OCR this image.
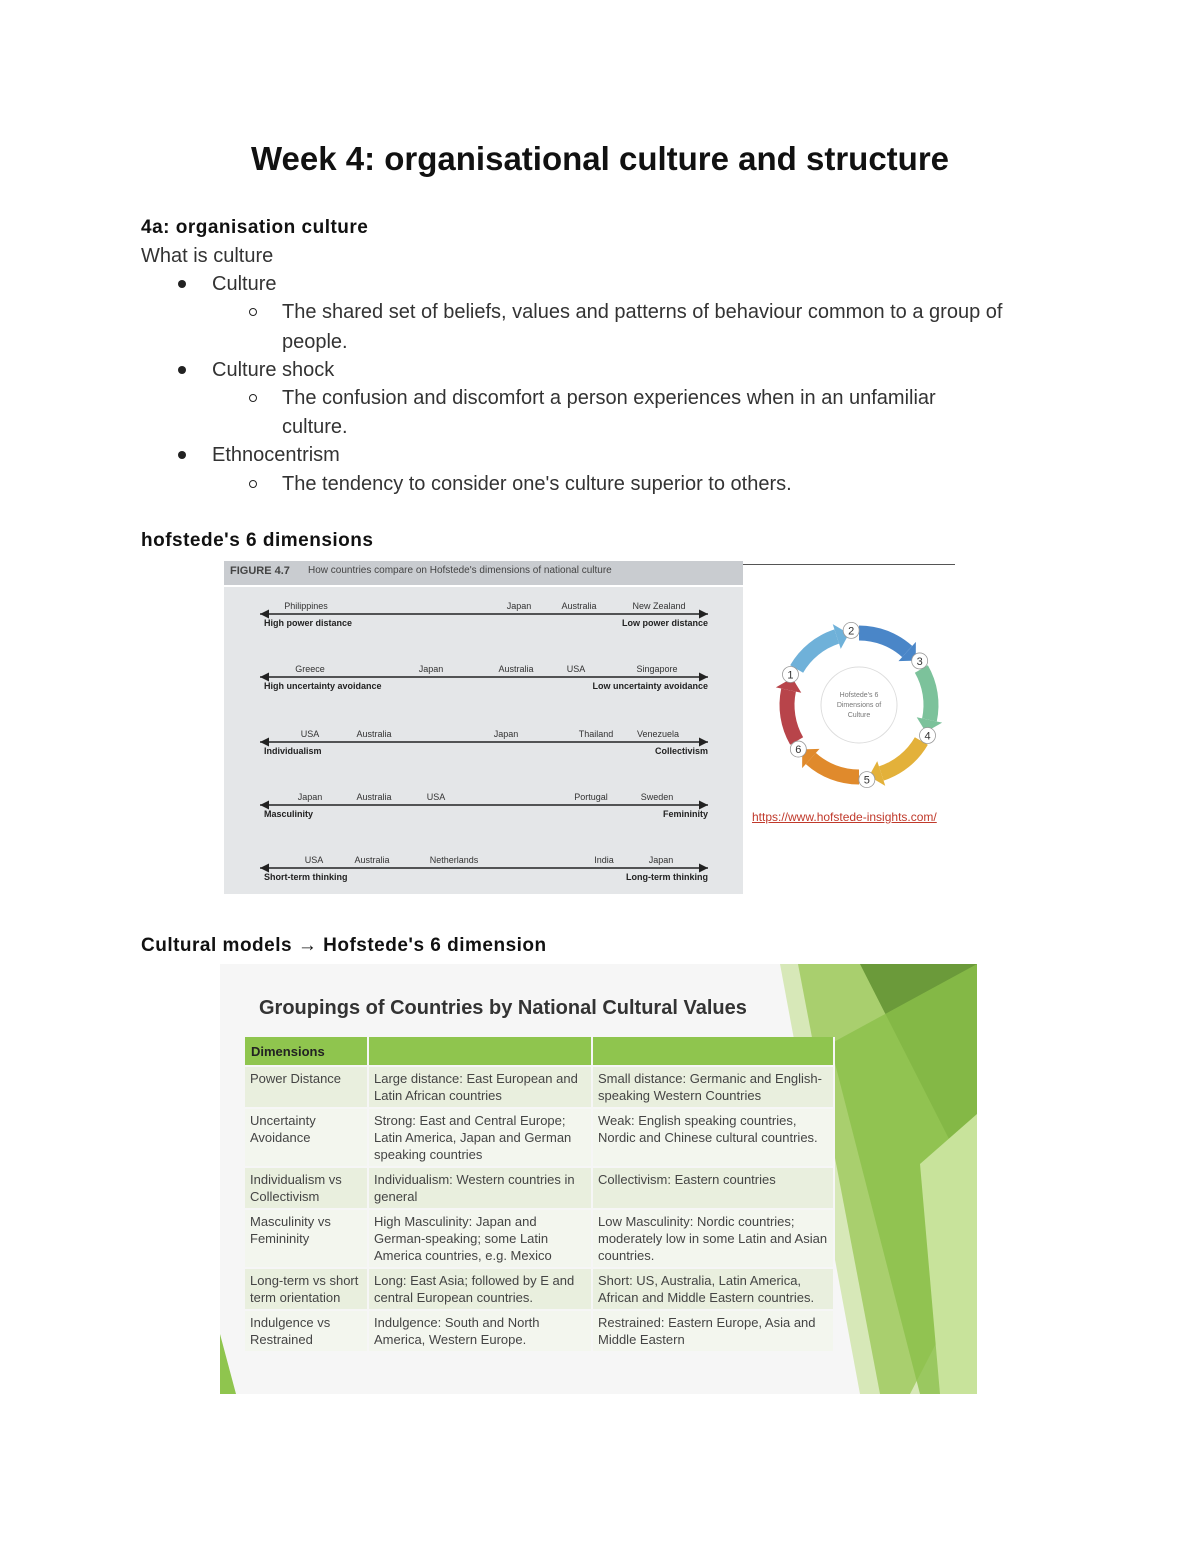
Week 4: organisational culture and structure
4a: organisation culture
What is culture
Culture
The shared set of beliefs, values and patterns of behaviour common to a group of
people.
Culture shock
The confusion and discomfort a person experiences when in an unfamiliar
culture.
Ethnocentrism
The tendency to consider one's culture superior to others.
hofstede's 6 dimensions
FIGURE 4.7 How countries compare on Hofstede's dimensions of national culture
Philippines	Japan	Australia	New Zealand
High power distance	Low power distance
Greece	Japan	Australia	USA	Singapore
High uncertainty avoidance	Low uncertainty avoidance
USA	Australia	Japan	Thailand	Venezuela
Individualism	Collectivism
Japan	Australia	USA	Portugal	Sweden
Masculinity	Femininity
USA	Australia	Netherlands	India	Japan
Short-term thinking	Long-term thinking
Hofstede's 6
Dimensions of
Culture
1
2
3
4
5
6
https://www.hofstede-insights.com/
Cultural models → Hofstede's 6 dimension
Groupings of Countries by National Cultural Values
Dimensions		
Power Distance	Large distance: East European and Latin African countries	Small distance: Germanic and English-speaking Western Countries
Uncertainty Avoidance	Strong: East and Central Europe; Latin America, Japan and German speaking countries	Weak: English speaking countries, Nordic and Chinese cultural countries.
Individualism vs Collectivism	Individualism: Western countries in general	Collectivism: Eastern countries
Masculinity vs Femininity	High Masculinity: Japan and German-speaking; some Latin America countries, e.g. Mexico	Low Masculinity: Nordic countries; moderately low in some Latin and Asian countries.
Long-term vs short term orientation	Long: East Asia; followed by E and central European countries.	Short: US, Australia, Latin America, African and Middle Eastern countries.
Indulgence vs Restrained	Indulgence: South and North America, Western Europe.	Restrained: Eastern Europe, Asia and Middle Eastern
